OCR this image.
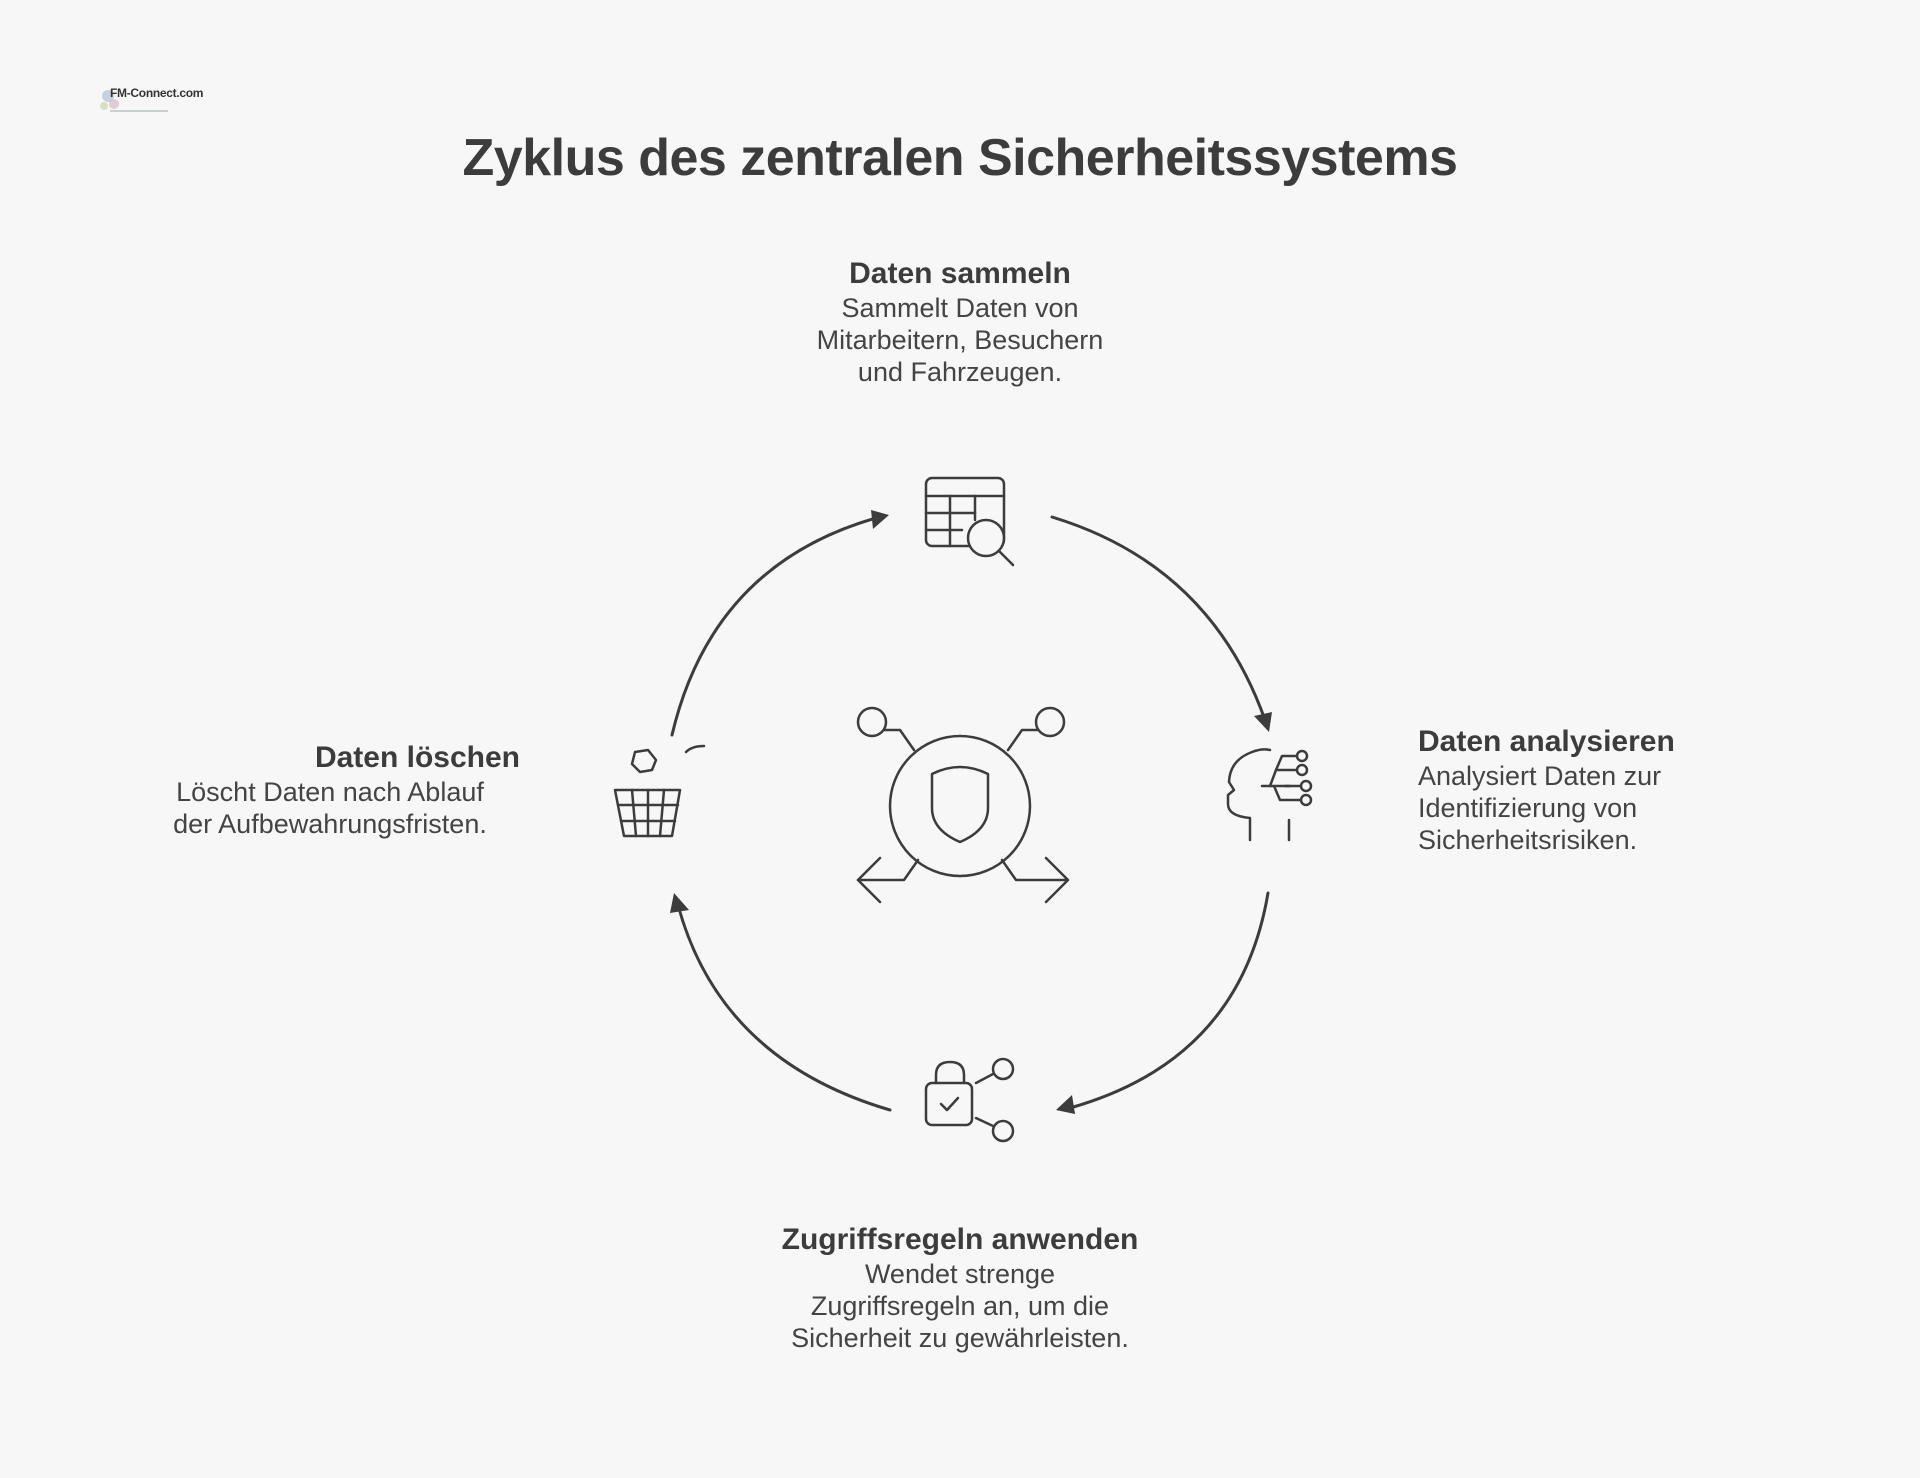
FM-Connect.com
Zyklus des zentralen Sicherheitssystems
Daten sammeln
Sammelt Daten von
Mitarbeitern, Besuchern
und Fahrzeugen.
Daten analysieren
Analysiert Daten zur
Identifizierung von
Sicherheitsrisiken.
Zugriffsregeln anwenden
Wendet strenge
Zugriffsregeln an, um die
Sicherheit zu gewährleisten.
Daten löschen
Löscht Daten nach Ablauf
der Aufbewahrungsfristen.
